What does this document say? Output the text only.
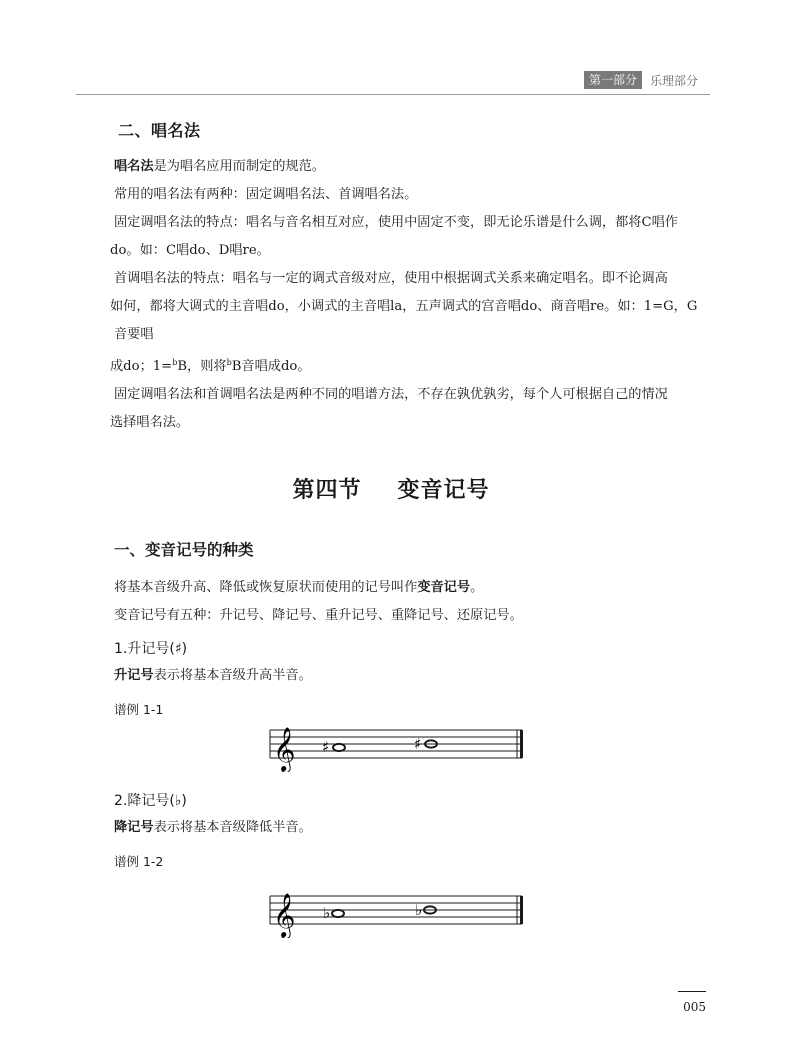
第一部分	乐理部分
二、唱名法

唱名法是为唱名应用而制定的规范。

常用的唱名法有两种：固定调唱名法、首调唱名法。

固定调唱名法的特点：唱名与音名相互对应，使用中固定不变，即无论乐谱是什么调，都将C唱作
do。如：C唱do、D唱re。

首调唱名法的特点：唱名与一定的调式音级对应，使用中根据调式关系来确定唱名。即不论调高
如何，都将大调式的主音唱do，小调式的主音唱la，五声调式的宫音唱do、商音唱re。如：1=G，G音要唱
成do；1=$^b$B，则将$^b$B音唱成do。

固定调唱名法和首调唱名法是两种不同的唱谱方法，不存在孰优孰劣，每个人可根据自己的情况
选择唱名法。

第四节 变音记号
一、变音记号的种类

将基本音级升高、降低或恢复原状而使用的记号叫作变音记号。

变音记号有五种：升记号、降记号、重升记号、重降记号、还原记号。

1.升记号(♯)

升记号表示将基本音级升高半音。

谱例 1-1
𝄞 ♯	♯
2.降记号(♭)

降记号表示将基本音级降低半音。

谱例 1-2
𝄞 ♭	♭
005
